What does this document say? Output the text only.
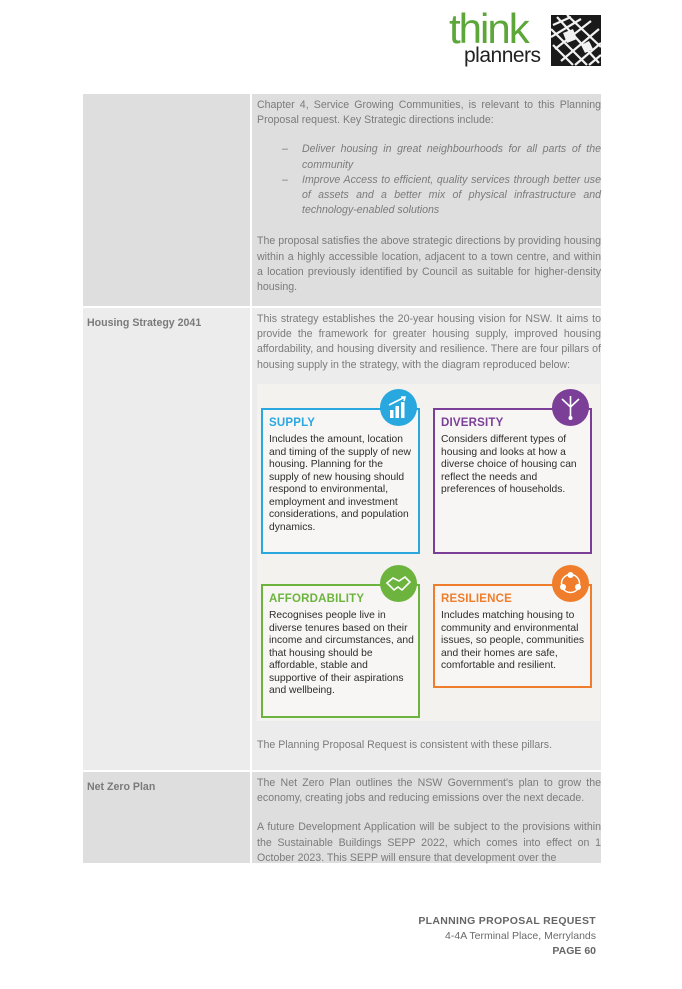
think
planners

Chapter 4, Service Growing Communities, is relevant to this Planning Proposal request. Key Strategic directions include:

– Deliver housing in great neighbourhoods for all parts of the community
– Improve Access to efficient, quality services through better use of assets and a better mix of physical infrastructure and technology-enabled solutions

The proposal satisfies the above strategic directions by providing housing within a highly accessible location, adjacent to a town centre, and within a location previously identified by Council as suitable for higher-density housing.

Housing Strategy 2041	This strategy establishes the 20-year housing vision for NSW. It aims to provide the framework for greater housing supply, improved housing affordability, and housing diversity and resilience. There are four pillars of housing supply in the strategy, with the diagram reproduced below:

The Planning Proposal Request is consistent with these pillars.

SUPPLY
Includes the amount, location and timing of the supply of new housing. Planning for the supply of new housing should respond to environmental, employment and investment considerations, and population dynamics.
DIVERSITY
Considers different types of housing and looks at how a diverse choice of housing can reflect the needs and preferences of households.
AFFORDABILITY
Recognises people live in diverse tenures based on their income and circumstances, and that housing should be affordable, stable and supportive of their aspirations and wellbeing.
RESILIENCE
Includes matching housing to community and environmental issues, so people, communities and their homes are safe, comfortable and resilient.
Net Zero Plan	The Net Zero Plan outlines the NSW Government's plan to grow the economy, creating jobs and reducing emissions over the next decade.

A future Development Application will be subject to the provisions within the Sustainable Buildings SEPP 2022, which comes into effect on 1 October 2023. This SEPP will ensure that development over the

PLANNING PROPOSAL REQUEST
4-4A Terminal Place, Merrylands
PAGE 60
